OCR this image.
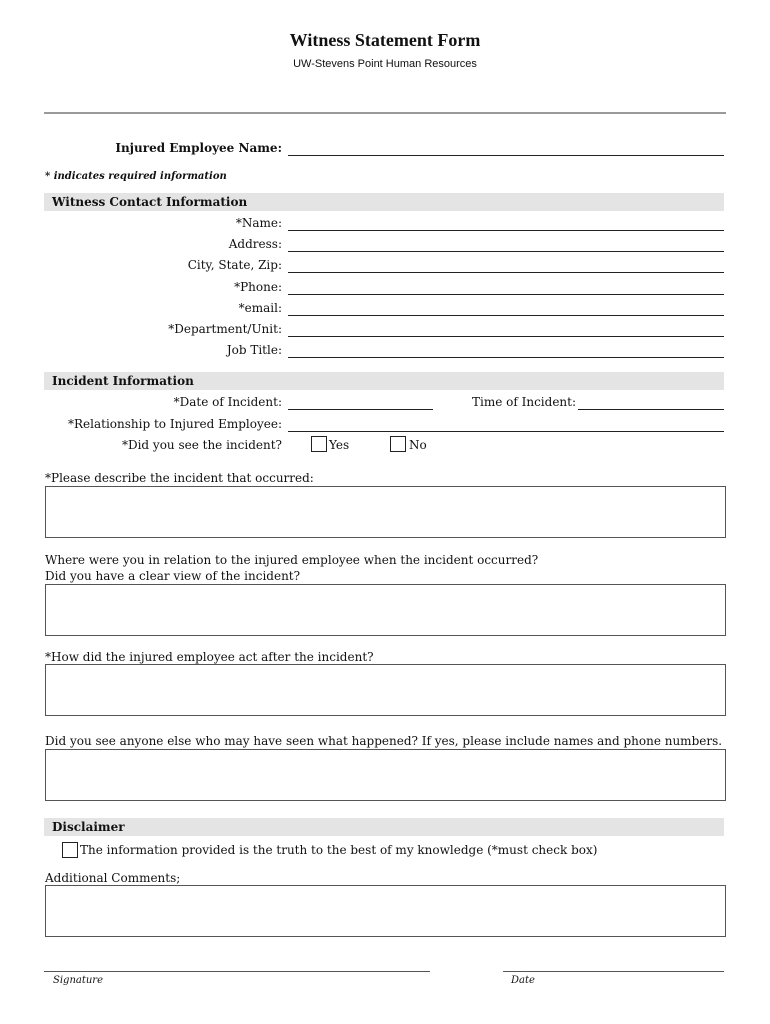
Witness Statement Form
UW-Stevens Point Human Resources
Injured Employee Name:
* indicates required information
Witness Contact Information
*Name:
Address:
City, State, Zip:
*Phone:
*email:
*Department/Unit:
Job Title:
Incident Information
*Date of Incident:	Time of Incident:
*Relationship to Injured Employee:
*Did you see the incident?	Yes	No
*Please describe the incident that occurred:
Where were you in relation to the injured employee when the incident occurred?
Did you have a clear view of the incident?
*How did the injured employee act after the incident?
Did you see anyone else who may have seen what happened? If yes, please include names and phone numbers.
Disclaimer
The information provided is the truth to the best of my knowledge (*must check box)
Additional Comments;
Signature	Date
